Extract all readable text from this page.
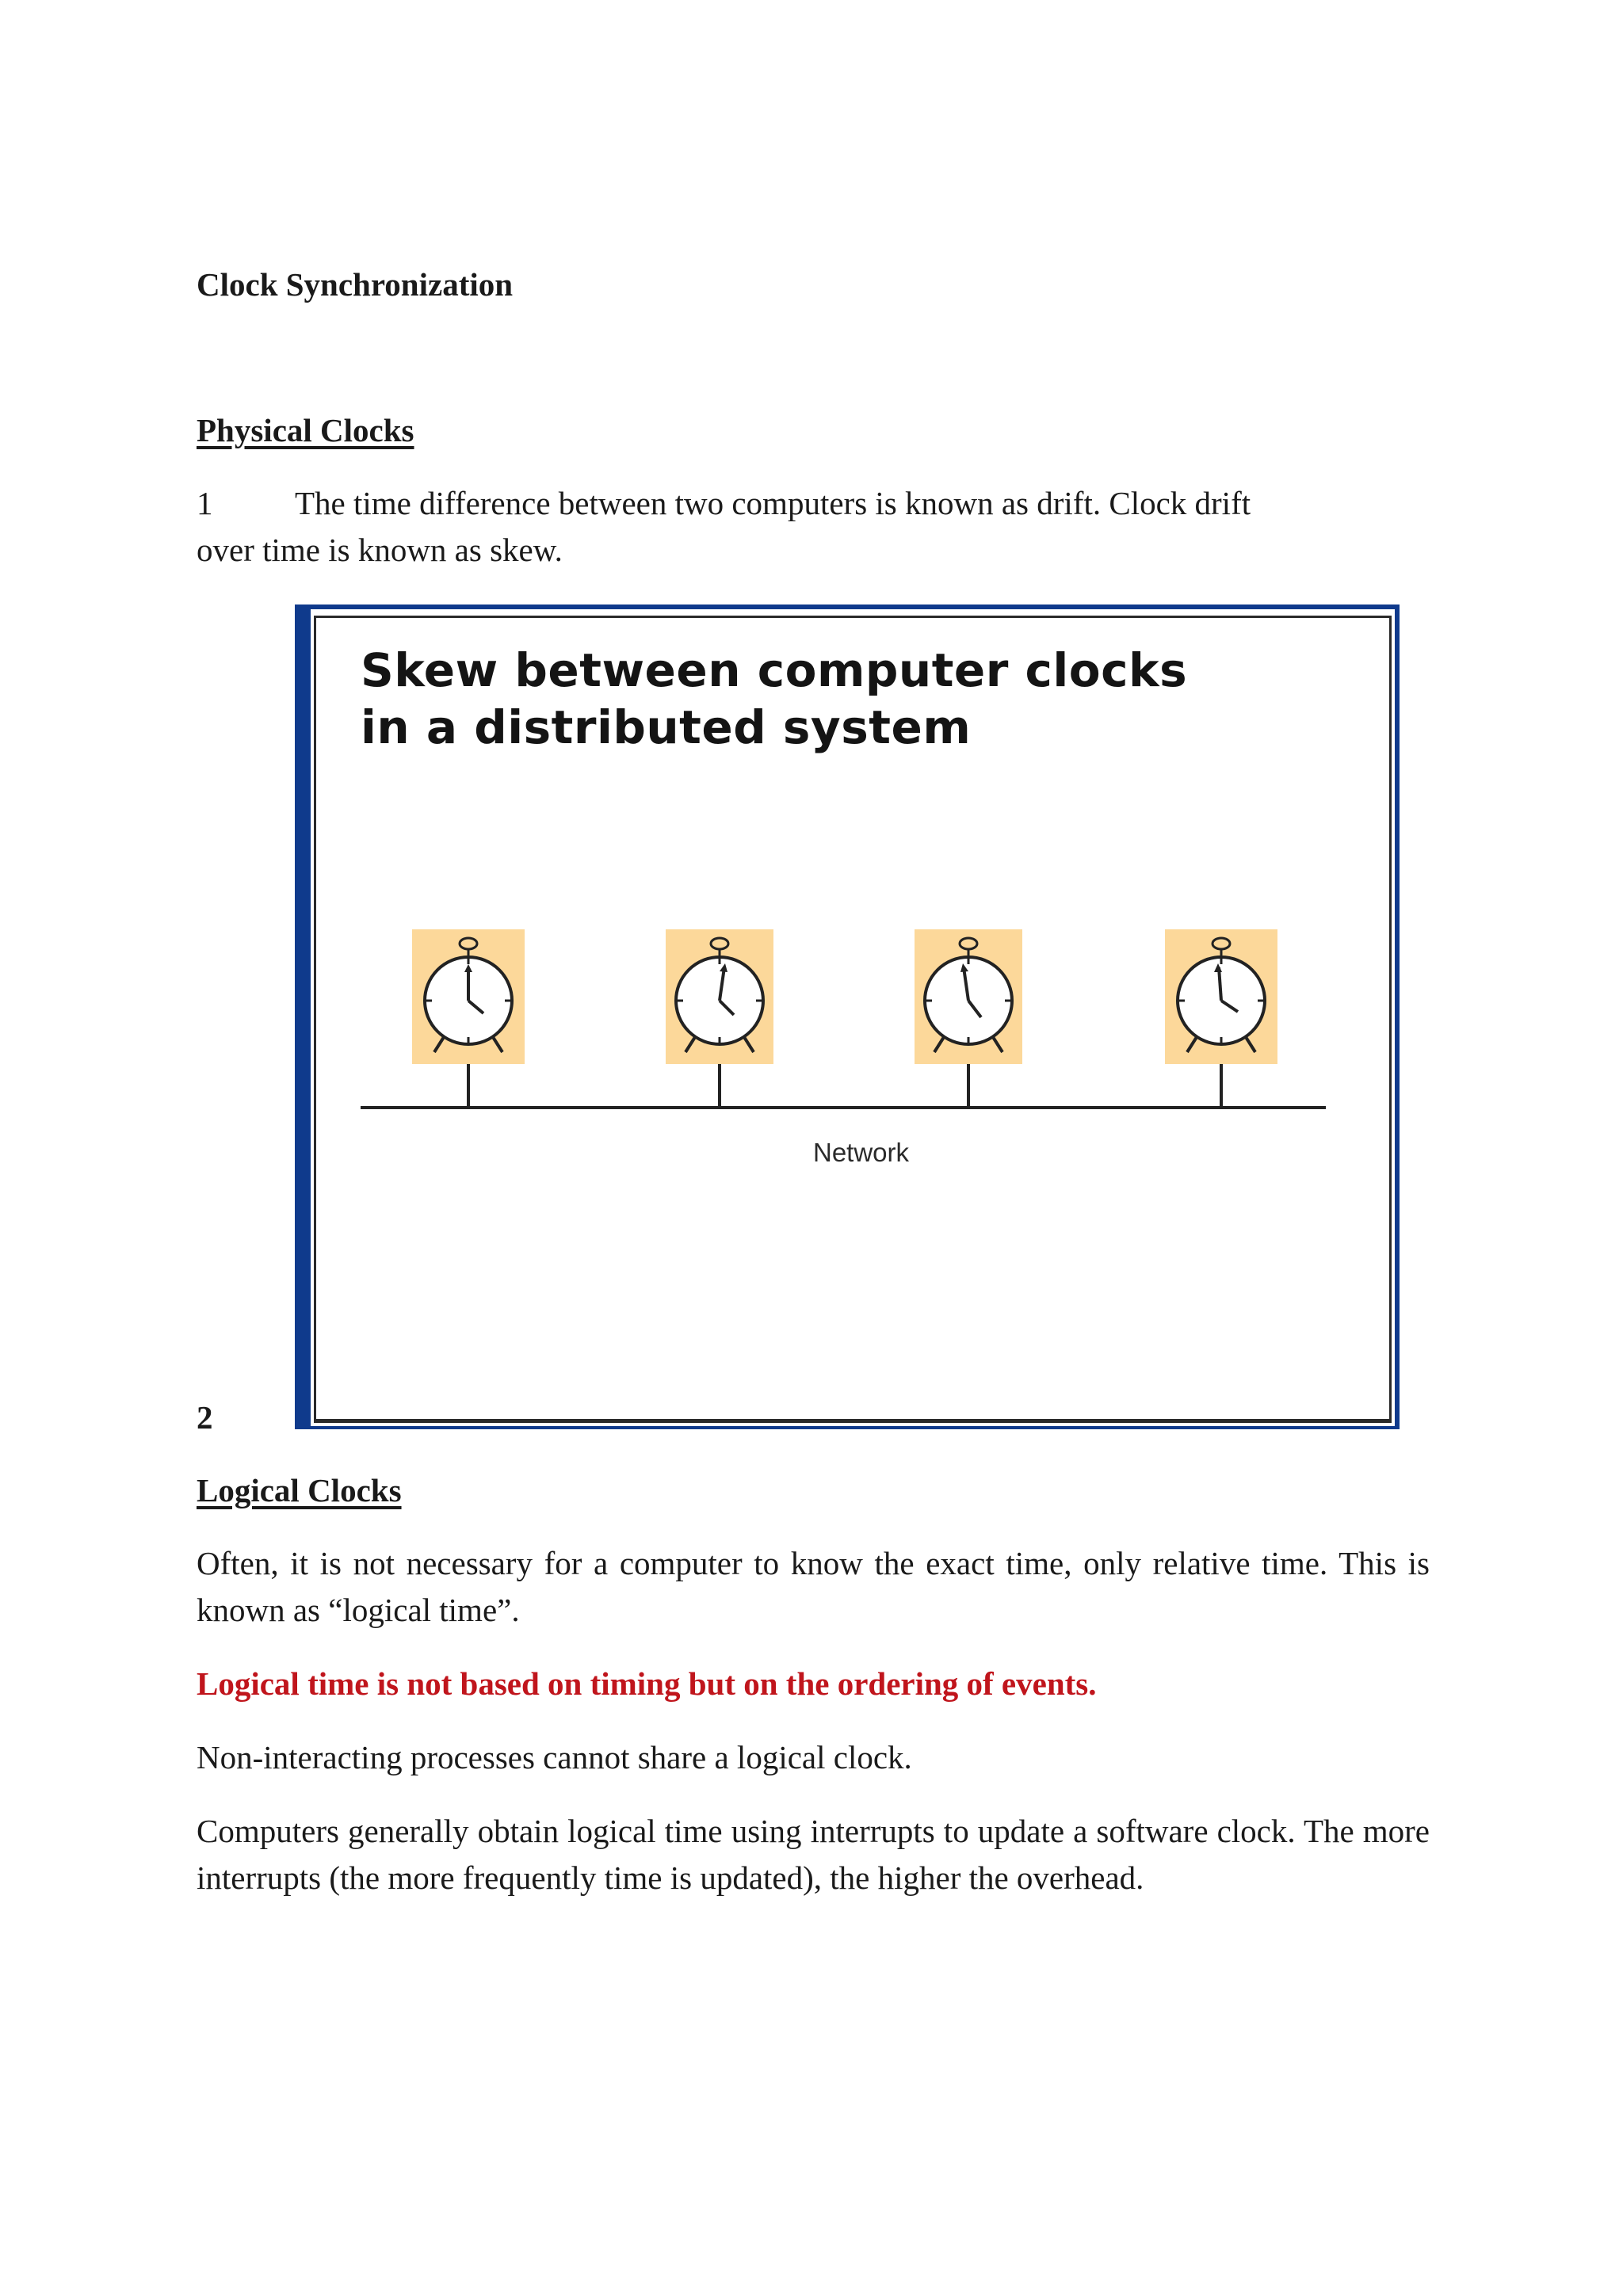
Clock Synchronization
Physical Clocks
1	The time difference between two computers is known as drift. Clock drift
over time is known as skew.
Skew between computer clocks
in a distributed system
Network
2
Logical Clocks
Often, it is not necessary for a computer to know the exact time, only relative time. This is known as “logical time”.
Logical time is not based on timing but on the ordering of events.
Non-interacting processes cannot share a logical clock.
Computers generally obtain logical time using interrupts to update a software clock. The more interrupts (the more frequently time is updated), the higher the overhead.
